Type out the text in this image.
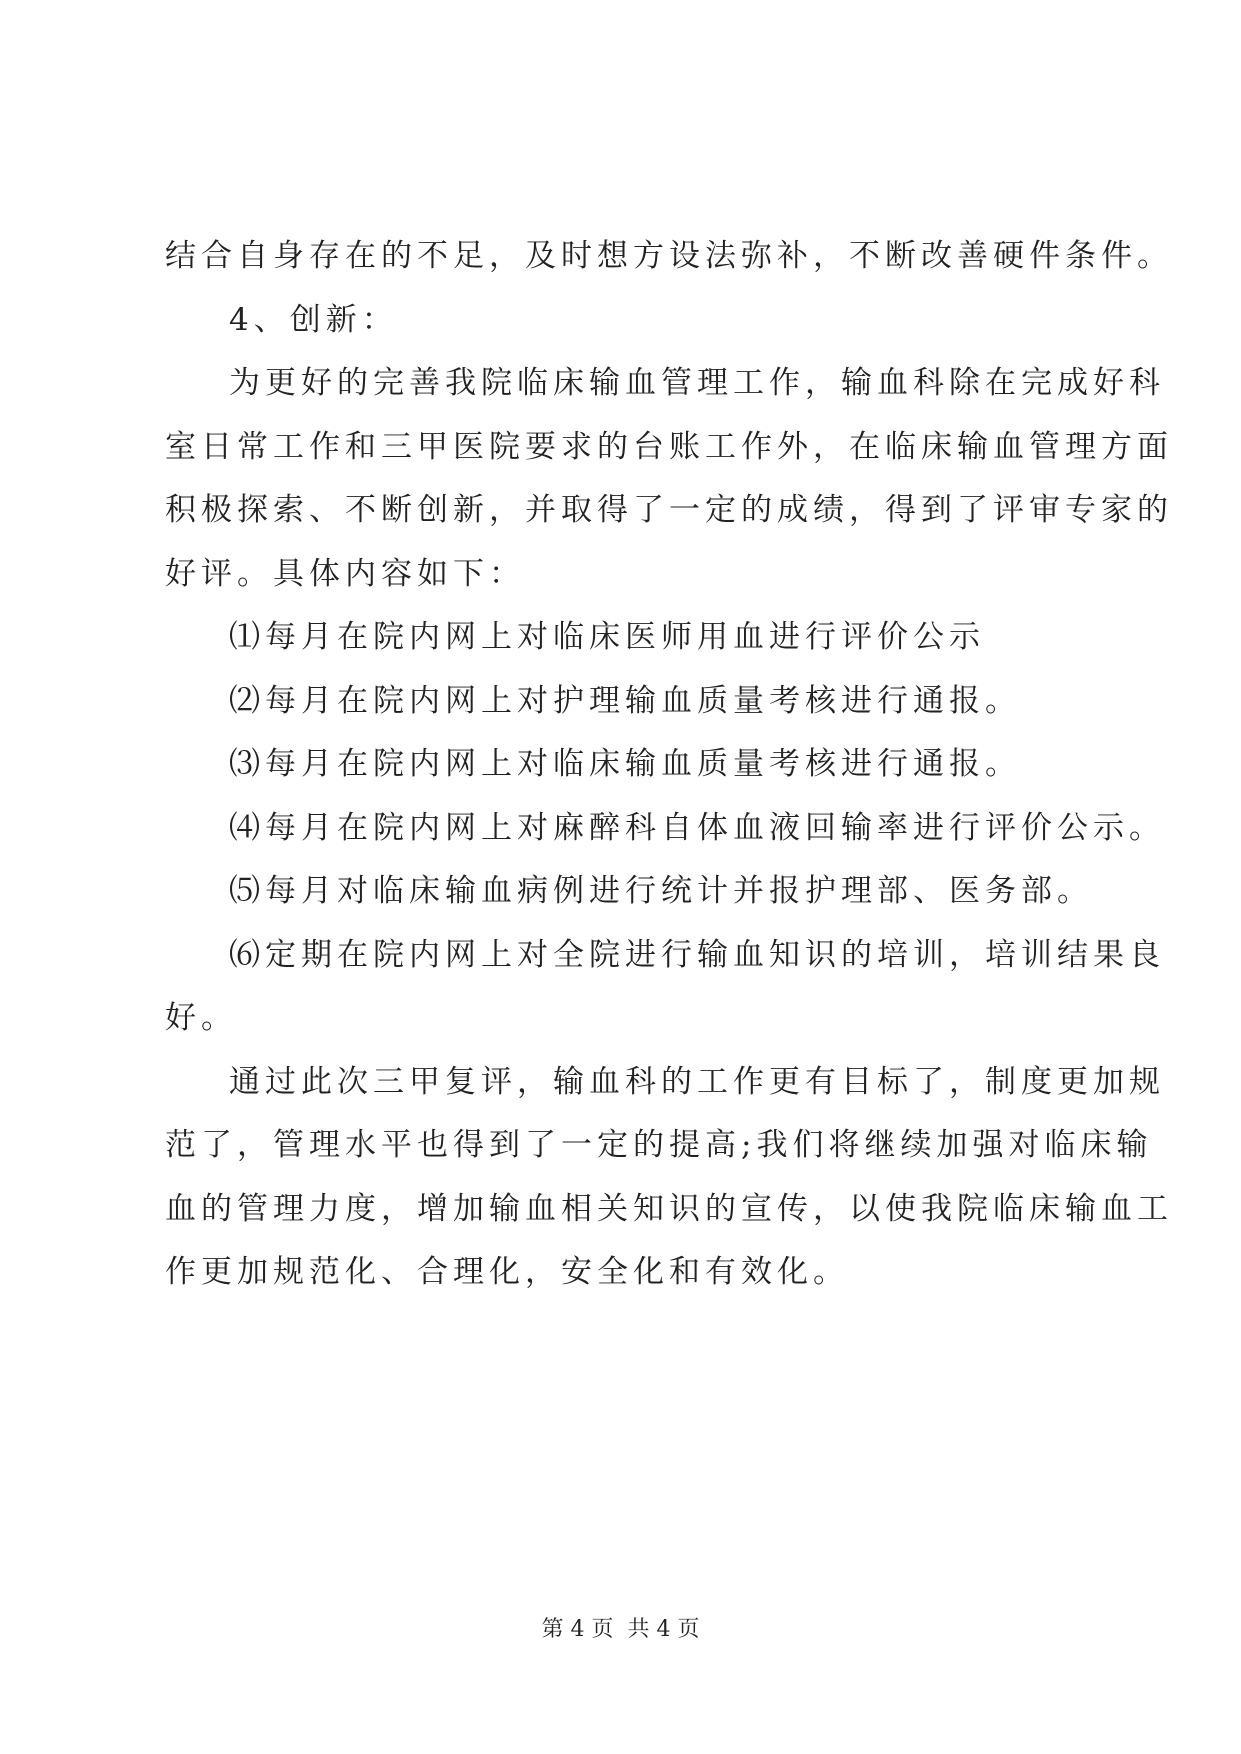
结合自身存在的不足，及时想方设法弥补，不断改善硬件条件。
4、创新：
为更好的完善我院临床输血管理工作，输血科除在完成好科
室日常工作和三甲医院要求的台账工作外，在临床输血管理方面
积极探索、不断创新，并取得了一定的成绩，得到了评审专家的
好评。具体内容如下：
⑴每月在院内网上对临床医师用血进行评价公示
⑵每月在院内网上对护理输血质量考核进行通报。
⑶每月在院内网上对临床输血质量考核进行通报。
⑷每月在院内网上对麻醉科自体血液回输率进行评价公示。
⑸每月对临床输血病例进行统计并报护理部、医务部。
⑹定期在院内网上对全院进行输血知识的培训，培训结果良
好。
通过此次三甲复评，输血科的工作更有目标了，制度更加规
范了，管理水平也得到了一定的提高;我们将继续加强对临床输
血的管理力度，增加输血相关知识的宣传，以使我院临床输血工
作更加规范化、合理化，安全化和有效化。
第 4 页 共 4 页
